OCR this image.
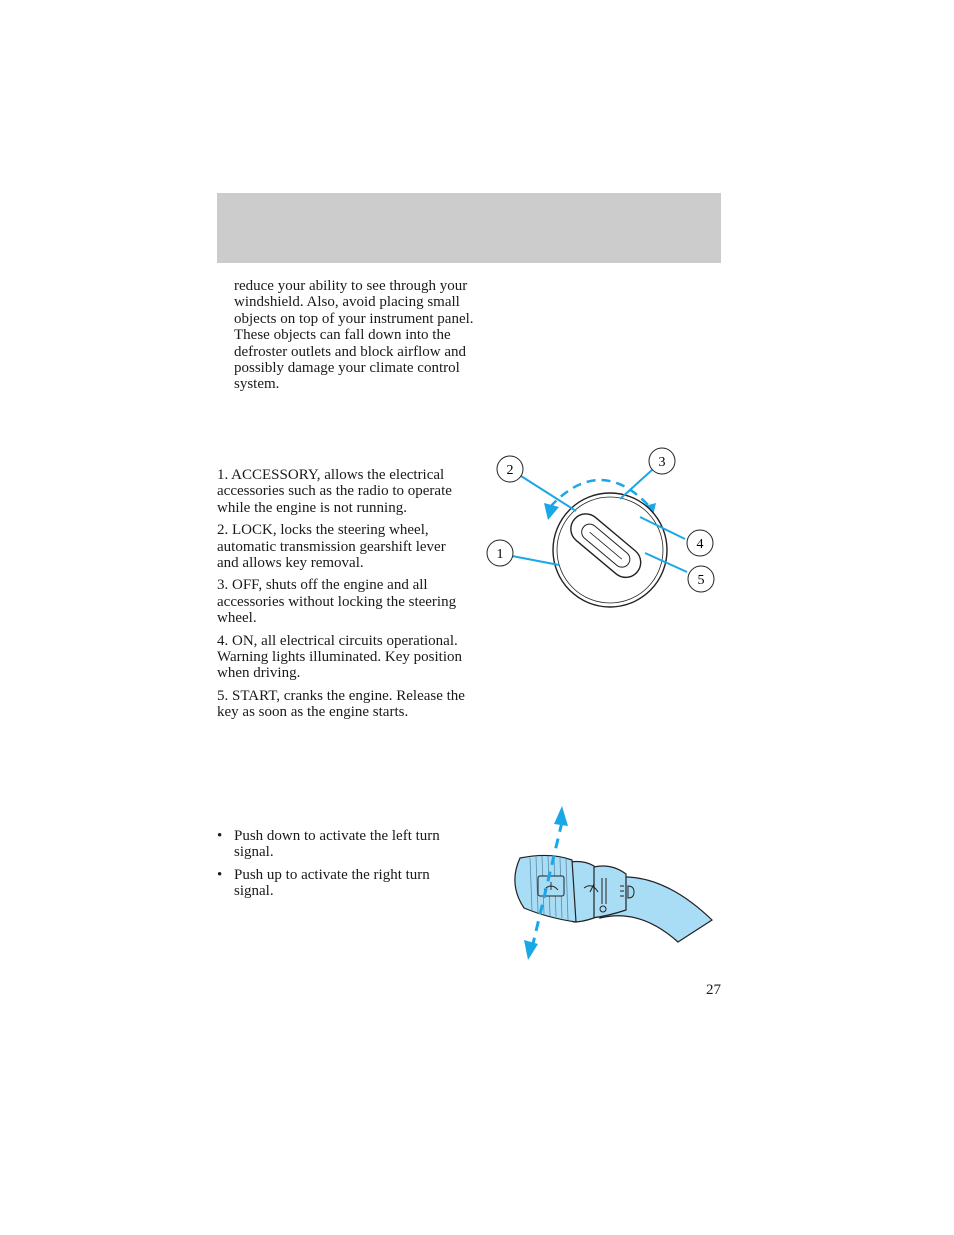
reduce your ability to see through your windshield. Also, avoid placing small objects on top of your instrument panel. These objects can fall down into the defroster outlets and block airflow and possibly damage your climate control system.

1. ACCESSORY, allows the electrical accessories such as the radio to operate while the engine is not running.

2. LOCK, locks the steering wheel, automatic transmission gearshift lever and allows key removal.

3. OFF, shuts off the engine and all accessories without locking the steering wheel.

4. ON, all electrical circuits operational. Warning lights illuminated. Key position when driving.

5. START, cranks the engine. Release the key as soon as the engine starts.

1
2
3
4
5
• Push down to activate the left turn signal.
• Push up to activate the right turn signal.
27
